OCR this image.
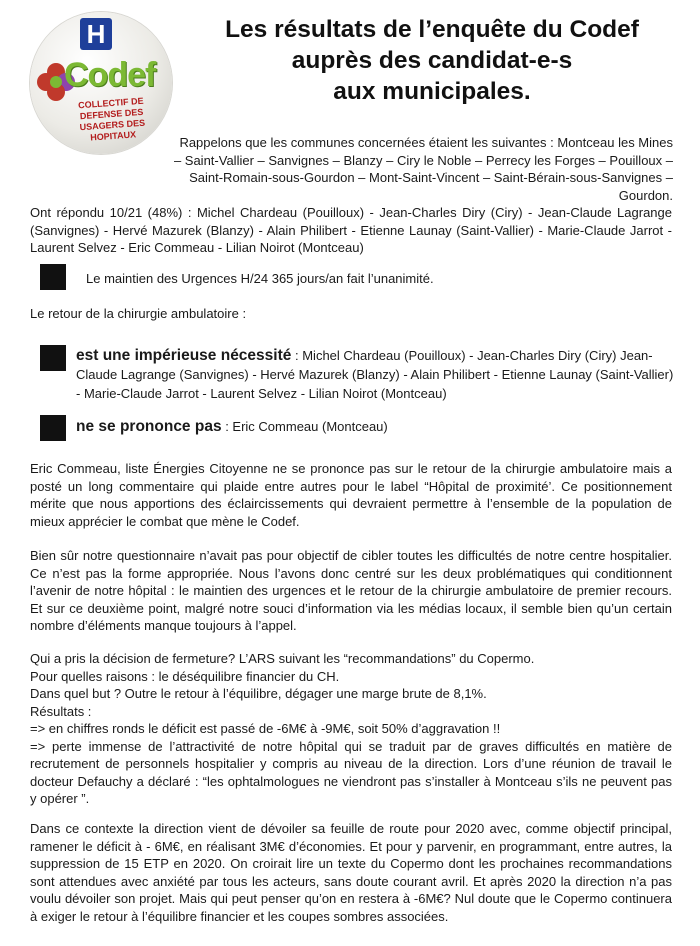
H
Codef
COLLECTIF DE DEFENSE DES USAGERS DES HOPITAUX
Les résultats de l’enquête du Codef
auprès des candidat-e-s
aux municipales.

Rappelons que les communes concernées étaient les suivantes : Montceau les Mines – Saint-Vallier – Sanvignes – Blanzy – Ciry le Noble – Perrecy les Forges – Pouilloux – Saint-Romain-sous-Gourdon – Mont-Saint-Vincent – Saint-Bérain-sous-Sanvignes – Gourdon.

Ont répondu 10/21 (48%) : Michel Chardeau (Pouilloux) - Jean-Charles Diry (Ciry) - Jean-Claude Lagrange (Sanvignes) - Hervé Mazurek (Blanzy) - Alain Philibert - Etienne Launay (Saint-Vallier) - Marie-Claude Jarrot - Laurent Selvez - Eric Commeau - Lilian Noirot (Montceau)

Le maintien des Urgences H/24 365 jours/an fait l’unanimité.

Le retour de la chirurgie ambulatoire :

est une impérieuse nécessité : Michel Chardeau (Pouilloux) - Jean-Charles Diry (Ciry) Jean-Claude Lagrange (Sanvignes) - Hervé Mazurek (Blanzy) - Alain Philibert - Etienne Launay (Saint-Vallier) - Marie-Claude Jarrot - Laurent Selvez - Lilian Noirot (Montceau)
ne se prononce pas : Eric Commeau (Montceau)

Eric Commeau, liste Énergies Citoyenne ne se prononce pas sur le retour de la chirurgie ambulatoire mais a posté un long commentaire qui plaide entre autres pour le label “Hôpital de proximité’. Ce positionnement mérite que nous apportions des éclaircissements qui devraient permettre à l’ensemble de la population de mieux apprécier le combat que mène le Codef.

Bien sûr notre questionnaire n’avait pas pour objectif de cibler toutes les difficultés de notre centre hospitalier. Ce n’est pas la forme appropriée. Nous l’avons donc centré sur les deux problématiques qui conditionnent l’avenir de notre hôpital : le maintien des urgences et le retour de la chirurgie ambulatoire de premier recours. Et sur ce deuxième point, malgré notre souci d’information via les médias locaux, il semble bien qu’un certain nombre d’éléments manque toujours à l’appel.

Qui a pris la décision de fermeture? L’ARS suivant les “recommandations” du Copermo.
Pour quelles raisons : le déséquilibre financier du CH.
Dans quel but ? Outre le retour à l’équilibre, dégager une marge brute de 8,1%.
Résultats :
=> en chiffres ronds le déficit est passé de -6M€ à -9M€, soit 50% d’aggravation !!
=> perte immense de l’attractivité de notre hôpital qui se traduit par de graves difficultés en matière de recrutement de personnels hospitalier y compris au niveau de la direction. Lors d’une réunion de travail le docteur Defauchy a déclaré : “les ophtalmologues ne viendront pas s’installer à Montceau s’ils ne peuvent pas y opérer ”.

Dans ce contexte la direction vient de dévoiler sa feuille de route pour 2020 avec, comme objectif principal, ramener le déficit à - 6M€, en réalisant 3M€ d’économies. Et pour y parvenir, en programmant, entre autres, la suppression de 15 ETP en 2020. On croirait lire un texte du Copermo dont les prochaines recommandations sont attendues avec anxiété par tous les acteurs, sans doute courant avril. Et après 2020 la direction n’a pas voulu dévoiler son projet. Mais qui peut penser qu’on en restera à -6M€? Nul doute que le Copermo continuera à exiger le retour à l’équilibre financier et les coupes sombres associées.
